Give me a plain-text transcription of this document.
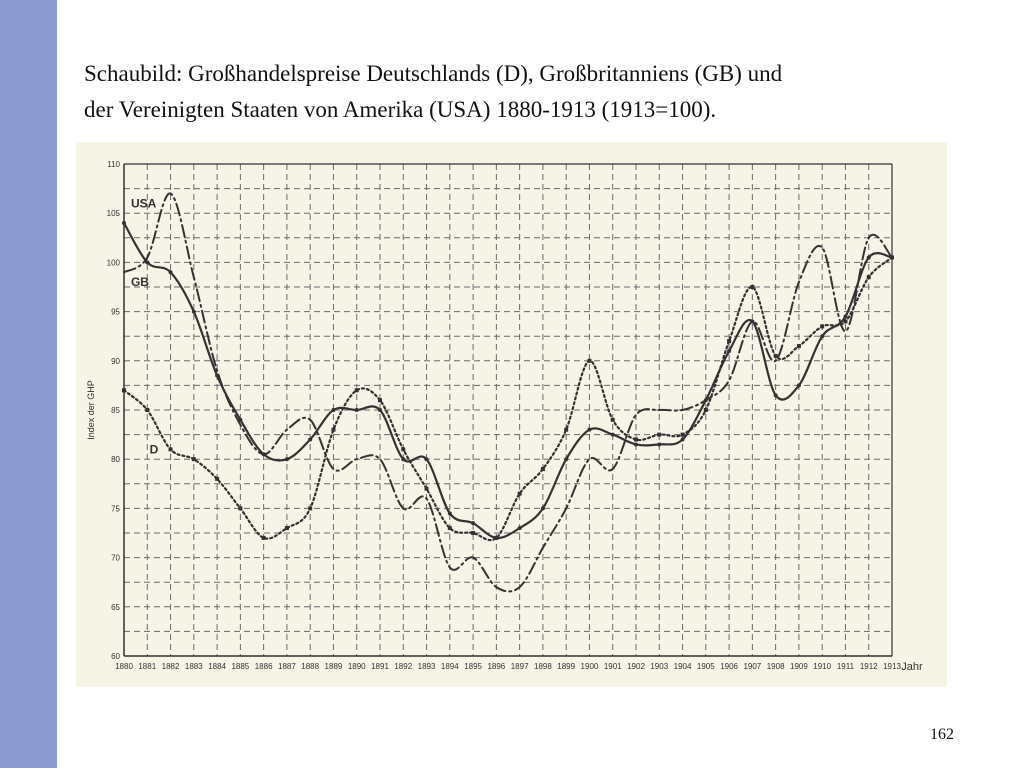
Schaubild: Großhandelspreise Deutschlands (D), Großbritanniens (GB) und
der Vereinigten Staaten von Amerika (USA) 1880-1913 (1913=100).
60
65
70
75
80
85
90
95
100
105
110
1880 1881 1882 1883 1884 1885 1886 1887 1888 1889 1890 1891 1892 1893 1894 1895 1896 1897 1898 1899 1900 1901 1902 1903 1904 1905 1906 1907 1908 1909 1910 1911 1912 1913 Jahr
Index der GHP
USA
GB
D
162
